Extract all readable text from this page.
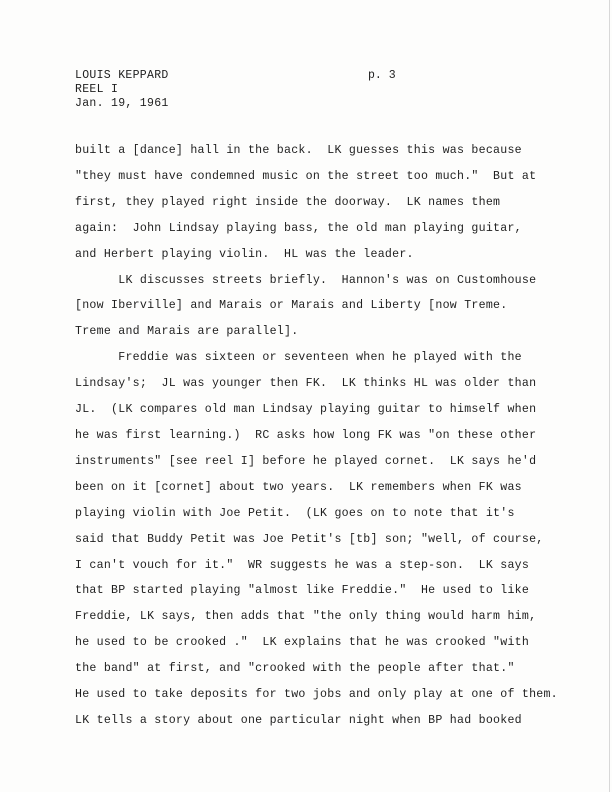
LOUIS KEPPARD
REEL I
Jan. 19, 1961
p. 3
built a [dance] hall in the back.  LK guesses this was because
"they must have condemned music on the street too much."  But at
first, they played right inside the doorway.  LK names them
again:  John Lindsay playing bass, the old man playing guitar,
and Herbert playing violin.  HL was the leader.
LK discusses streets briefly.  Hannon's was on Customhouse
[now Iberville] and Marais or Marais and Liberty [now Treme.
Treme and Marais are parallel].
Freddie was sixteen or seventeen when he played with the
Lindsay's;  JL was younger then FK.  LK thinks HL was older than
JL.  (LK compares old man Lindsay playing guitar to himself when
he was first learning.)  RC asks how long FK was "on these other
instruments" [see reel I] before he played cornet.  LK says he'd
been on it [cornet] about two years.  LK remembers when FK was
playing violin with Joe Petit.  (LK goes on to note that it's
said that Buddy Petit was Joe Petit's [tb] son; "well, of course,
I can't vouch for it."  WR suggests he was a step-son.  LK says
that BP started playing "almost like Freddie."  He used to like
Freddie, LK says, then adds that "the only thing would harm him,
he used to be crooked ."  LK explains that he was crooked "with
the band" at first, and "crooked with the people after that."
He used to take deposits for two jobs and only play at one of them.
LK tells a story about one particular night when BP had booked
